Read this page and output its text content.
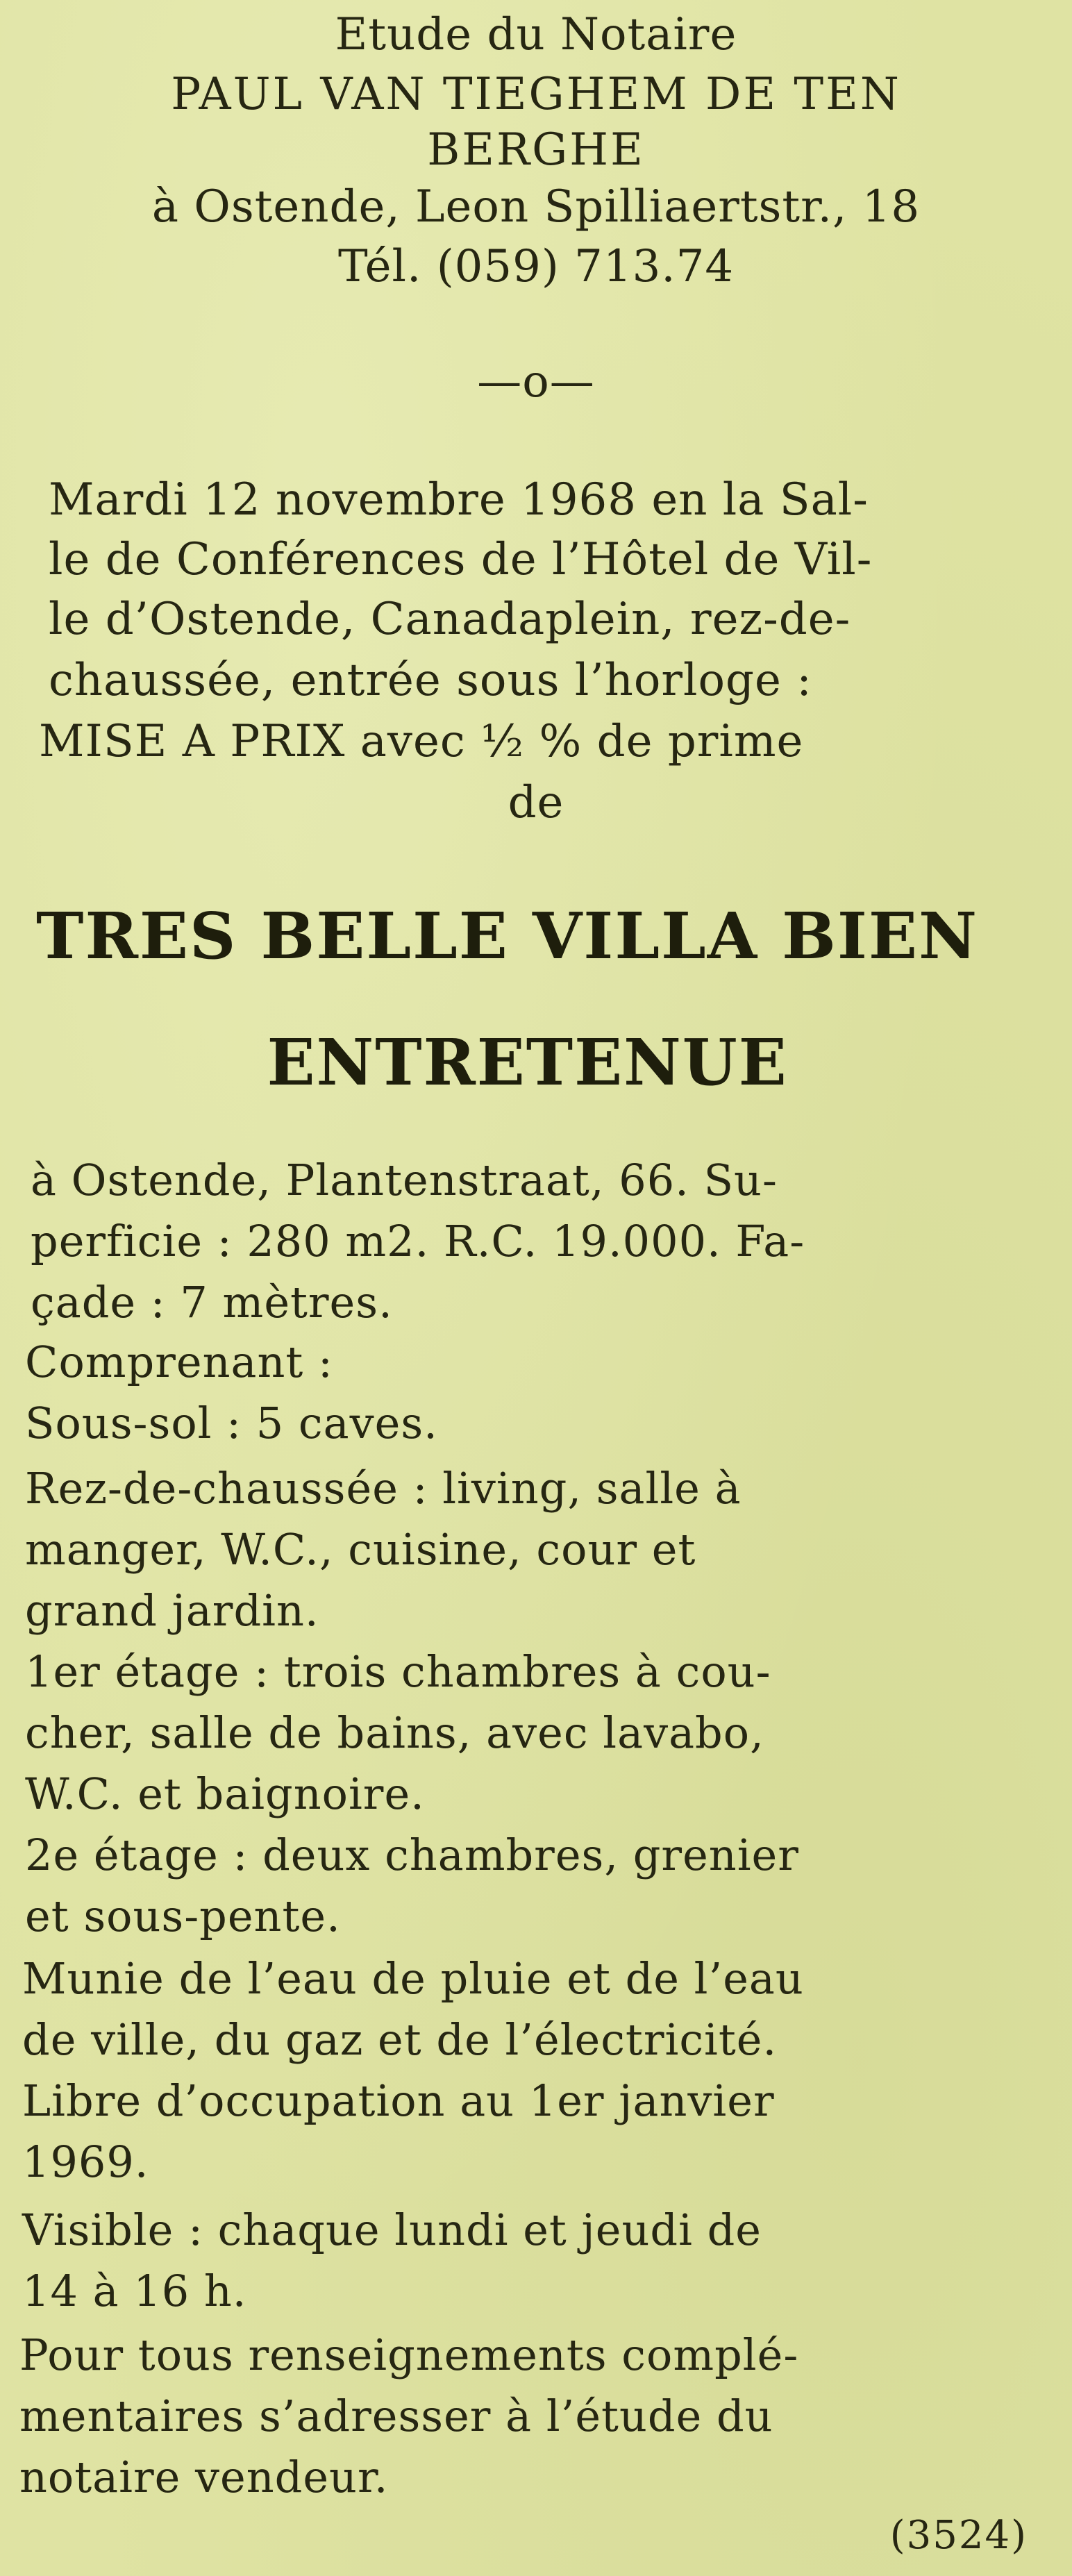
Etude du Notaire
PAUL VAN TIEGHEM DE TEN
BERGHE
à Ostende, Leon Spilliaertstr., 18
Tél. (059) 713.74
—o—
Mardi 12 novembre 1968 en la Sal-
le de Conférences de l’Hôtel de Vil-
le d’Ostende, Canadaplein, rez-de-
chaussée, entrée sous l’horloge :
MISE A PRIX avec ½ % de prime
de
TRES BELLE VILLA BIEN
ENTRETENUE
à Ostende, Plantenstraat, 66. Su-
perficie : 280 m2. R.C. 19.000. Fa-
çade : 7 mètres.
Comprenant :
Sous-sol : 5 caves.
Rez-de-chaussée : living, salle à
manger, W.C., cuisine, cour et
grand jardin.
1er étage : trois chambres à cou-
cher, salle de bains, avec lavabo,
W.C. et baignoire.
2e étage : deux chambres, grenier
et sous-pente.
Munie de l’eau de pluie et de l’eau
de ville, du gaz et de l’électricité.
Libre d’occupation au 1er janvier
1969.
Visible : chaque lundi et jeudi de
14 à 16 h.
Pour tous renseignements complé-
mentaires s’adresser à l’étude du
notaire vendeur.
(3524)
